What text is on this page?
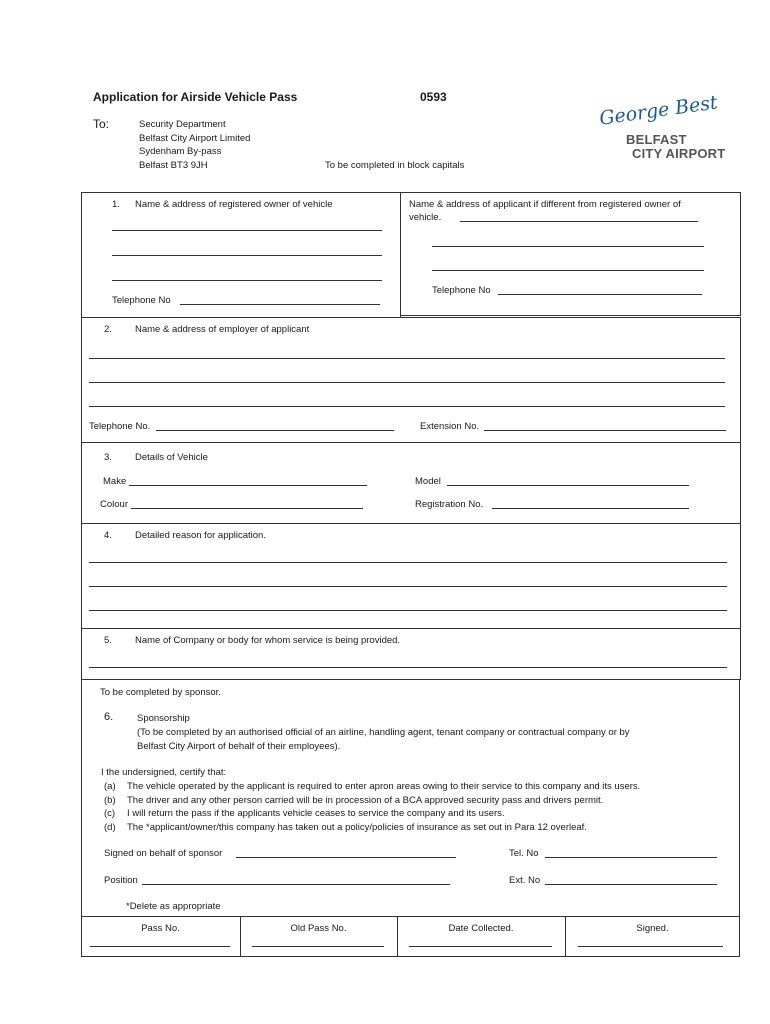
Application for Airside Vehicle Pass	0593
To:	Security Department
Belfast City Airport Limited
Sydenham By-pass
Belfast BT3 9JH	To be completed in block capitals
George Best
BELFAST
CITY AIRPORT
1. Name & address of registered owner of vehicle
Telephone No
Name & address of applicant if different from registered owner of
vehicle.
Telephone No
2. Name & address of employer of applicant
Telephone No.	Extension No.
3. Details of Vehicle
Make	Model
Colour	Registration No.
4. Detailed reason for application.
5. Name of Company or body for whom service is being provided.
To be completed by sponsor.
6.	Sponsorship
(To be completed by an authorised official of an airline, handling agent, tenant company or contractual company or by
Belfast City Airport of behalf of their employees).
I the undersigned, certify that:
(a) The vehicle operated by the applicant is required to enter apron areas owing to their service to this company and its users.
(b) The driver and any other person carried will be in procession of a BCA approved security pass and drivers permit.
(c) I will return the pass if the applicants vehicle ceases to service the company and its users.
(d) The *applicant/owner/this company has taken out a policy/policies of insurance as set out in Para 12 overleaf.
Signed on behalf of sponsor	Tel. No
Position	Ext. No
*Delete as appropriate
Pass No.	Old Pass No.	Date Collected.	Signed.
